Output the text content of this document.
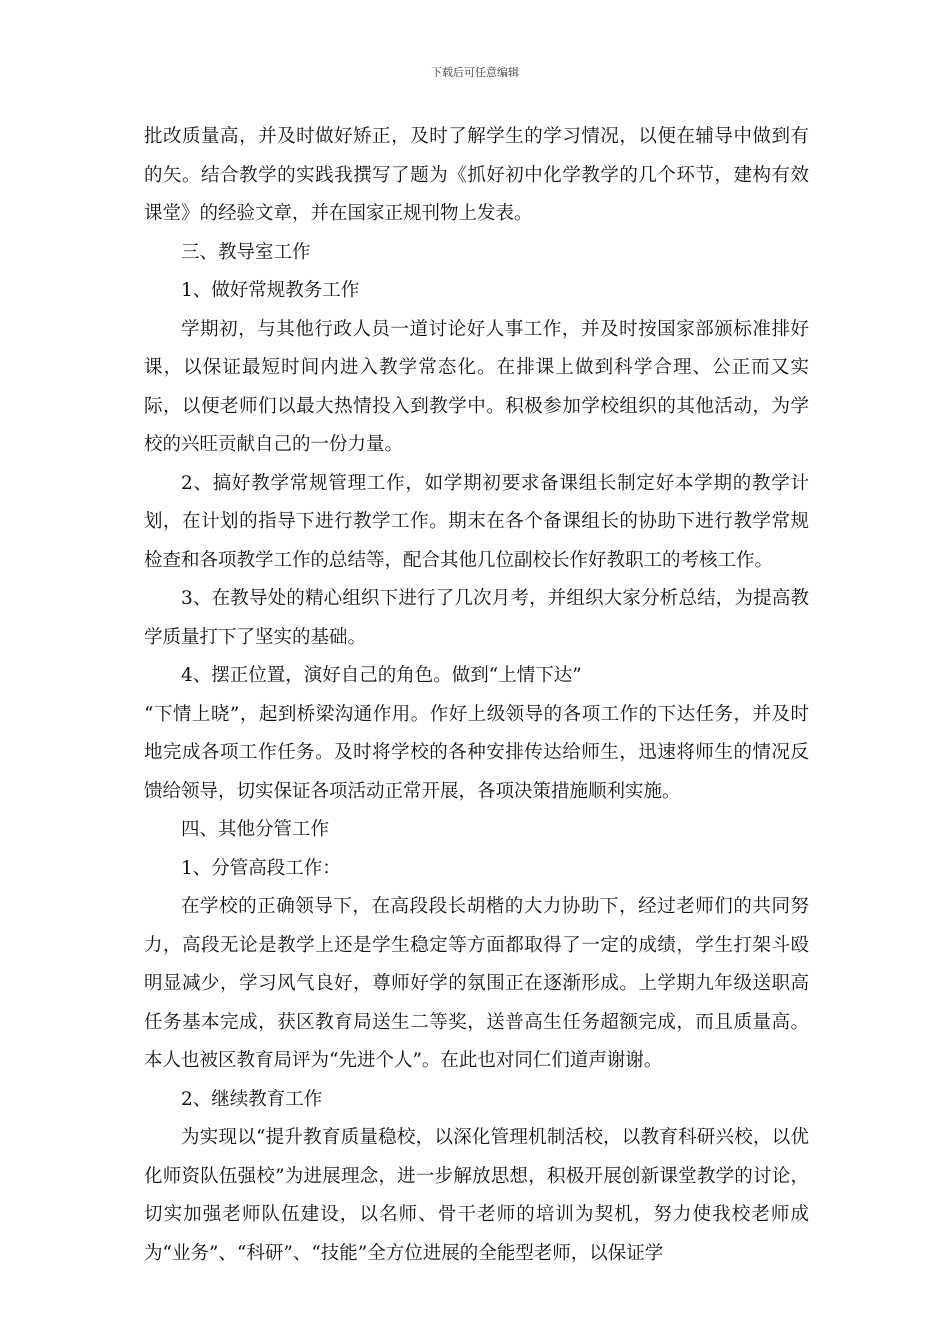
下载后可任意编辑

批改质量高，并及时做好矫正，及时了解学生的学习情况，以便在辅导中做到有的矢。结合教学的实践我撰写了题为《抓好初中化学教学的几个环节，建构有效课堂》的经验文章，并在国家正规刊物上发表。

三、教导室工作

1、做好常规教务工作

学期初，与其他行政人员一道讨论好人事工作，并及时按国家部颁标准排好课，以保证最短时间内进入教学常态化。在排课上做到科学合理、公正而又实际，以便老师们以最大热情投入到教学中。积极参加学校组织的其他活动，为学校的兴旺贡献自己的一份力量。

2、搞好教学常规管理工作，如学期初要求备课组长制定好本学期的教学计划，在计划的指导下进行教学工作。期末在各个备课组长的协助下进行教学常规检查和各项教学工作的总结等，配合其他几位副校长作好教职工的考核工作。

3、在教导处的精心组织下进行了几次月考，并组织大家分析总结，为提高教学质量打下了坚实的基础。

4、摆正位置，演好自己的角色。做到“上情下达”

“下情上晓”，起到桥梁沟通作用。作好上级领导的各项工作的下达任务，并及时地完成各项工作任务。及时将学校的各种安排传达给师生，迅速将师生的情况反馈给领导，切实保证各项活动正常开展，各项决策措施顺利实施。

四、其他分管工作

1、分管高段工作：

在学校的正确领导下，在高段段长胡楷的大力协助下，经过老师们的共同努力，高段无论是教学上还是学生稳定等方面都取得了一定的成绩，学生打架斗殴明显减少，学习风气良好，尊师好学的氛围正在逐渐形成。上学期九年级送职高任务基本完成，获区教育局送生二等奖，送普高生任务超额完成，而且质量高。本人也被区教育局评为“先进个人”。在此也对同仁们道声谢谢。

2、继续教育工作

为实现以“提升教育质量稳校，以深化管理机制活校，以教育科研兴校，以优化师资队伍强校”为进展理念，进一步解放思想，积极开展创新课堂教学的讨论，切实加强老师队伍建设，以名师、骨干老师的培训为契机，努力使我校老师成为“业务”、“科研”、“技能”全方位进展的全能型老师，以保证学
